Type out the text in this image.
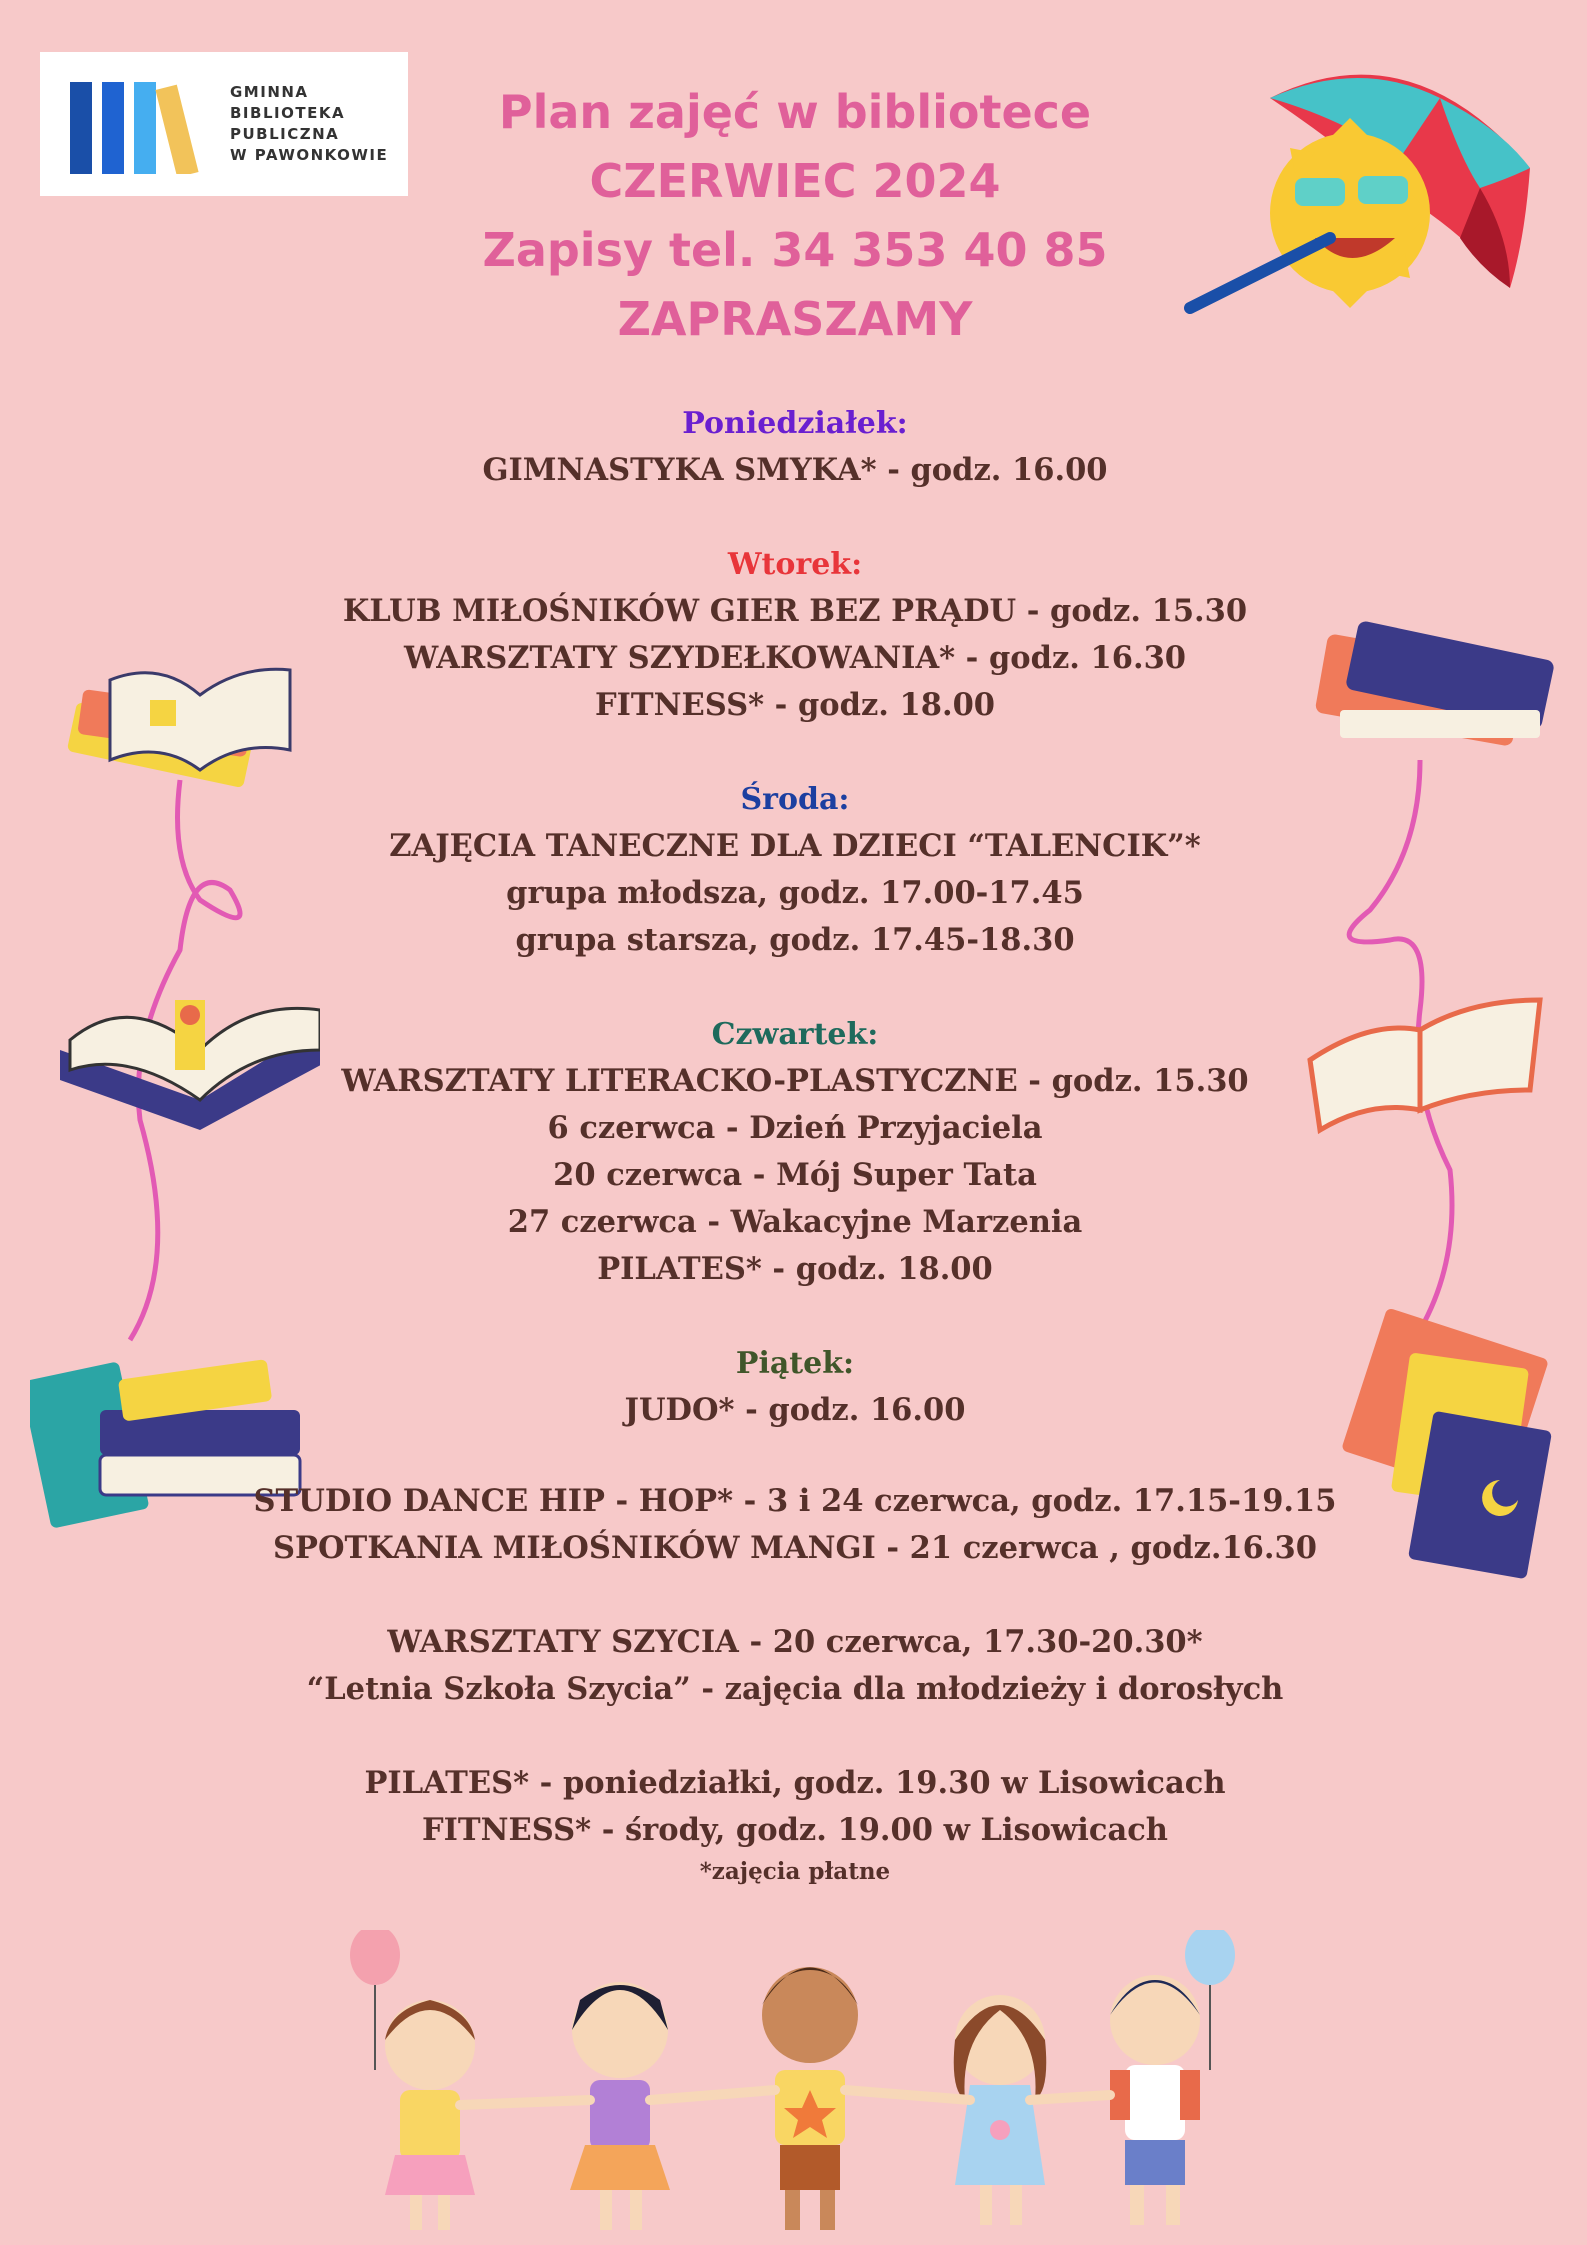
GMINNA
BIBLIOTEKA
PUBLICZNA
W PAWONKOWIE
Plan zajęć w bibliotece
CZERWIEC 2024
Zapisy tel. 34 353 40 85
ZAPRASZAMY
Poniedziałek:
GIMNASTYKA SMYKA* - godz. 16.00
Wtorek:
KLUB MIŁOŚNIKÓW GIER BEZ PRĄDU - godz. 15.30
WARSZTATY SZYDEŁKOWANIA* - godz. 16.30
FITNESS* - godz. 18.00
Środa:
ZAJĘCIA TANECZNE DLA DZIECI “TALENCIK”*
grupa młodsza, godz. 17.00-17.45
grupa starsza, godz. 17.45-18.30
Czwartek:
WARSZTATY LITERACKO-PLASTYCZNE - godz. 15.30
6 czerwca - Dzień Przyjaciela
20 czerwca - Mój Super Tata
27 czerwca - Wakacyjne Marzenia
PILATES* - godz. 18.00
Piątek:
JUDO* - godz. 16.00
STUDIO DANCE HIP - HOP* - 3 i 24 czerwca, godz. 17.15-19.15
SPOTKANIA MIŁOŚNIKÓW MANGI - 21 czerwca , godz.16.30
WARSZTATY SZYCIA - 20 czerwca, 17.30-20.30*
“Letnia Szkoła Szycia” - zajęcia dla młodzieży i dorosłych
PILATES* - poniedziałki, godz. 19.30 w Lisowicach
FITNESS* - środy, godz. 19.00 w Lisowicach
*zajęcia płatne
